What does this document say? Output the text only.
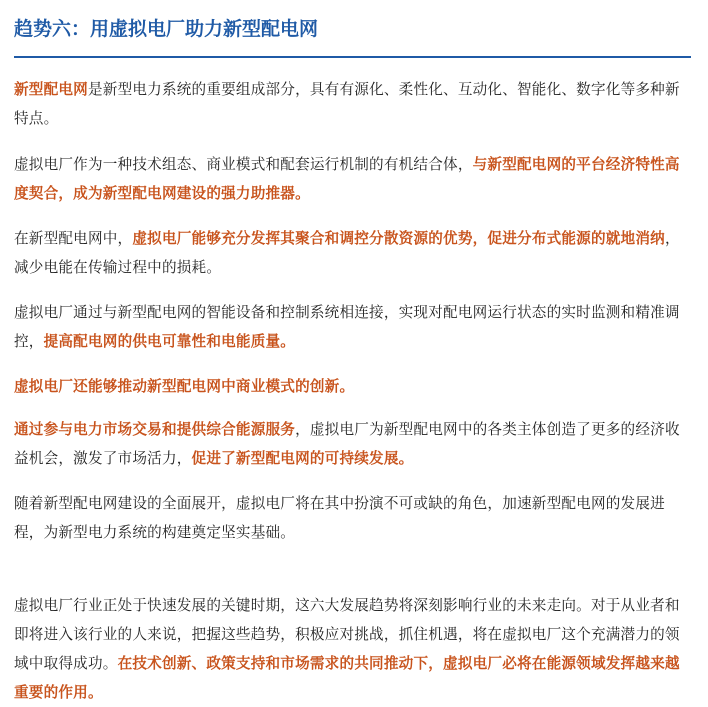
趋势六：用虚拟电厂助力新型配电网

新型配电网是新型电力系统的重要组成部分，具有有源化、柔性化、互动化、智能化、数字化等多种新特点。

虚拟电厂作为一种技术组态、商业模式和配套运行机制的有机结合体，与新型配电网的平台经济特性高度契合，成为新型配电网建设的强力助推器。

在新型配电网中，虚拟电厂能够充分发挥其聚合和调控分散资源的优势，促进分布式能源的就地消纳，减少电能在传输过程中的损耗。

虚拟电厂通过与新型配电网的智能设备和控制系统相连接，实现对配电网运行状态的实时监测和精准调控，提高配电网的供电可靠性和电能质量。

虚拟电厂还能够推动新型配电网中商业模式的创新。

通过参与电力市场交易和提供综合能源服务，虚拟电厂为新型配电网中的各类主体创造了更多的经济收益机会，激发了市场活力，促进了新型配电网的可持续发展。

随着新型配电网建设的全面展开，虚拟电厂将在其中扮演不可或缺的角色，加速新型配电网的发展进程，为新型电力系统的构建奠定坚实基础。

虚拟电厂行业正处于快速发展的关键时期，这六大发展趋势将深刻影响行业的未来走向。对于从业者和即将进入该行业的人来说，把握这些趋势，积极应对挑战，抓住机遇，将在虚拟电厂这个充满潜力的领域中取得成功。在技术创新、政策支持和市场需求的共同推动下，虚拟电厂必将在能源领域发挥越来越重要的作用。
